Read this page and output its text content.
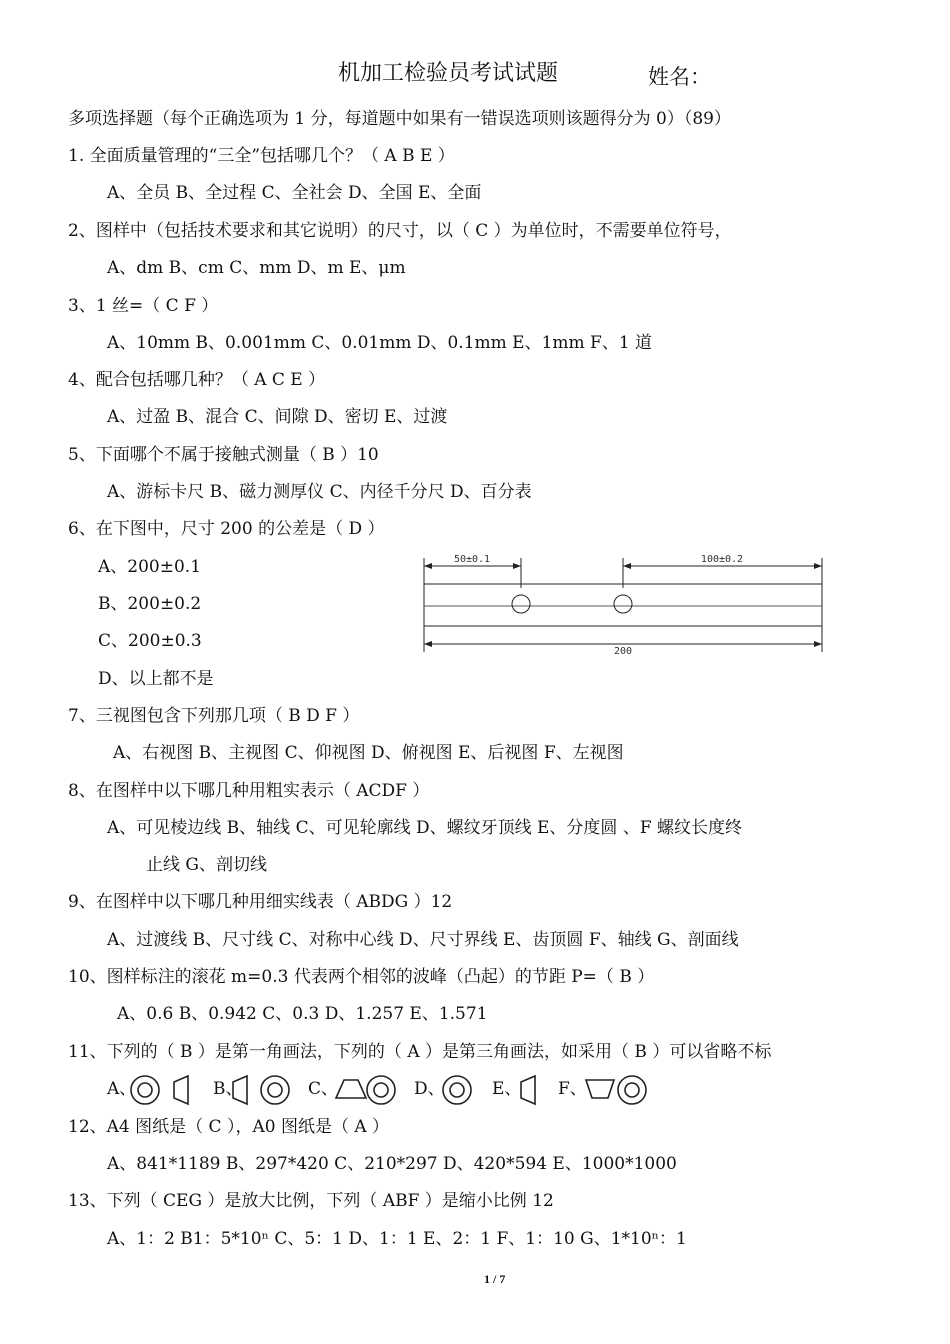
机加工检验员考试试题	姓名：
多项选择题（每个正确选项为 1 分，每道题中如果有一错误选项则该题得分为 0）（89）
1. 全面质量管理的“三全”包括哪几个？（ A B E ）
A、全员 B、全过程 C、全社会 D、全国 E、全面
2、图样中（包括技术要求和其它说明）的尺寸，以（ C ）为单位时，不需要单位符号，
A、dm B、cm C、mm D、m E、μm
3、1 丝=（ C F ）
A、10mm B、0.001mm C、0.01mm D、0.1mm E、1mm F、1 道
4、配合包括哪几种？（ A C E ）
A、过盈 B、混合 C、间隙 D、密切 E、过渡
5、下面哪个不属于接触式测量（ B ）10
A、游标卡尺 B、磁力测厚仪 C、内径千分尺 D、百分表
6、在下图中，尺寸 200 的公差是（ D ）
A、200±0.1
B、200±0.2
C、200±0.3
D、以上都不是
50±0.1	100±0.2
200
7、三视图包含下列那几项（ B D F ）
A、右视图 B、主视图 C、仰视图 D、俯视图 E、后视图 F、左视图
8、在图样中以下哪几种用粗实表示（ ACDF ）
A、可见棱边线 B、轴线 C、可见轮廓线 D、螺纹牙顶线 E、分度圆 、F 螺纹长度终
止线 G、剖切线
9、在图样中以下哪几种用细实线表（ ABDG ）12
A、过渡线 B、尺寸线 C、对称中心线 D、尺寸界线 E、齿顶圆 F、轴线 G、剖面线
10、图样标注的滚花 m=0.3 代表两个相邻的波峰（凸起）的节距 P=（ B ）
A、0.6 B、0.942 C、0.3 D、1.257 E、1.571
11、下列的（ B ）是第一角画法，下列的（ A ）是第三角画法，如采用（ B ）可以省略不标
A、	B、	C、	D、	E、 F、
12、A4 图纸是（ C ），A0 图纸是（ A ）
A、841*1189 B、297*420 C、210*297 D、420*594 E、1000*1000
13、下列（ CEG ）是放大比例，下列（ ABF ）是缩小比例 12
A、1：2 B1：5*10ⁿ C、5：1 D、1：1 E、2：1 F、1：10 G、1*10ⁿ：1
1 / 7
